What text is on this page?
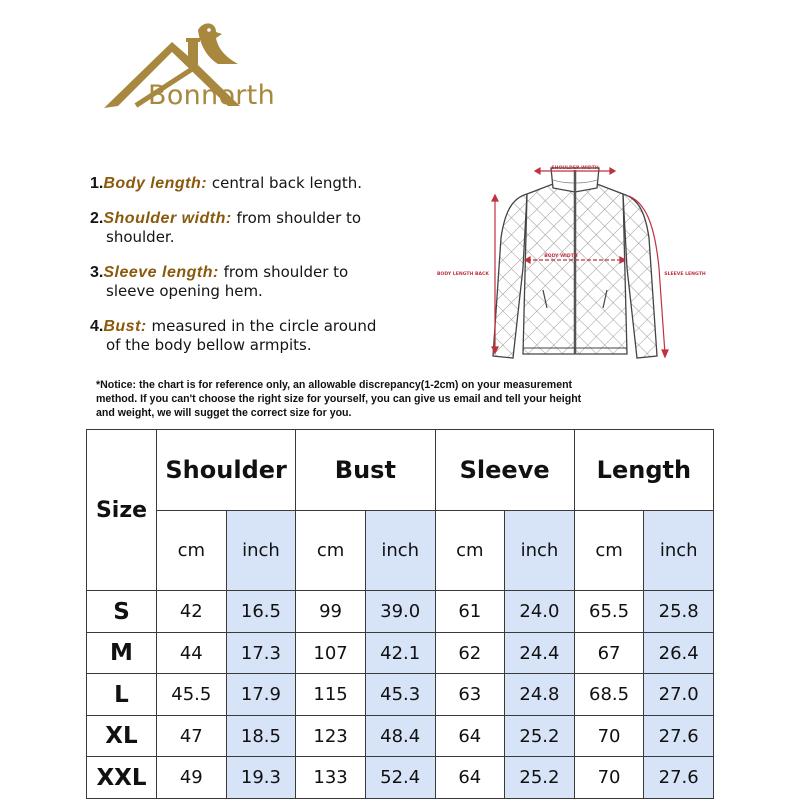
Bonnorth
1.Body length: central back length.
2.Shoulder width: from shoulder to
shoulder.
3.Sleeve length: from shoulder to
sleeve opening hem.
4.Bust: measured in the circle around
of the body bellow armpits.
SHOULDER WIDTH
BODY WIDTH
BODY LENGTH BACK	SLEEVE LENGTH
*Notice: the chart is for reference only, an allowable discrepancy(1-2cm) on your measurement
method. If you can't choose the right size for yourself, you can give us email and tell your height
and weight, we will sugget the correct size for you.
Size	Shoulder		Bust		Sleeve		Length	
	cm	inch	cm	inch	cm	inch	cm	inch
S	42	16.5	99	39.0	61	24.0	65.5	25.8
M	44	17.3	107	42.1	62	24.4	67	26.4
L	45.5	17.9	115	45.3	63	24.8	68.5	27.0
XL	47	18.5	123	48.4	64	25.2	70	27.6
XXL	49	19.3	133	52.4	64	25.2	70	27.6
